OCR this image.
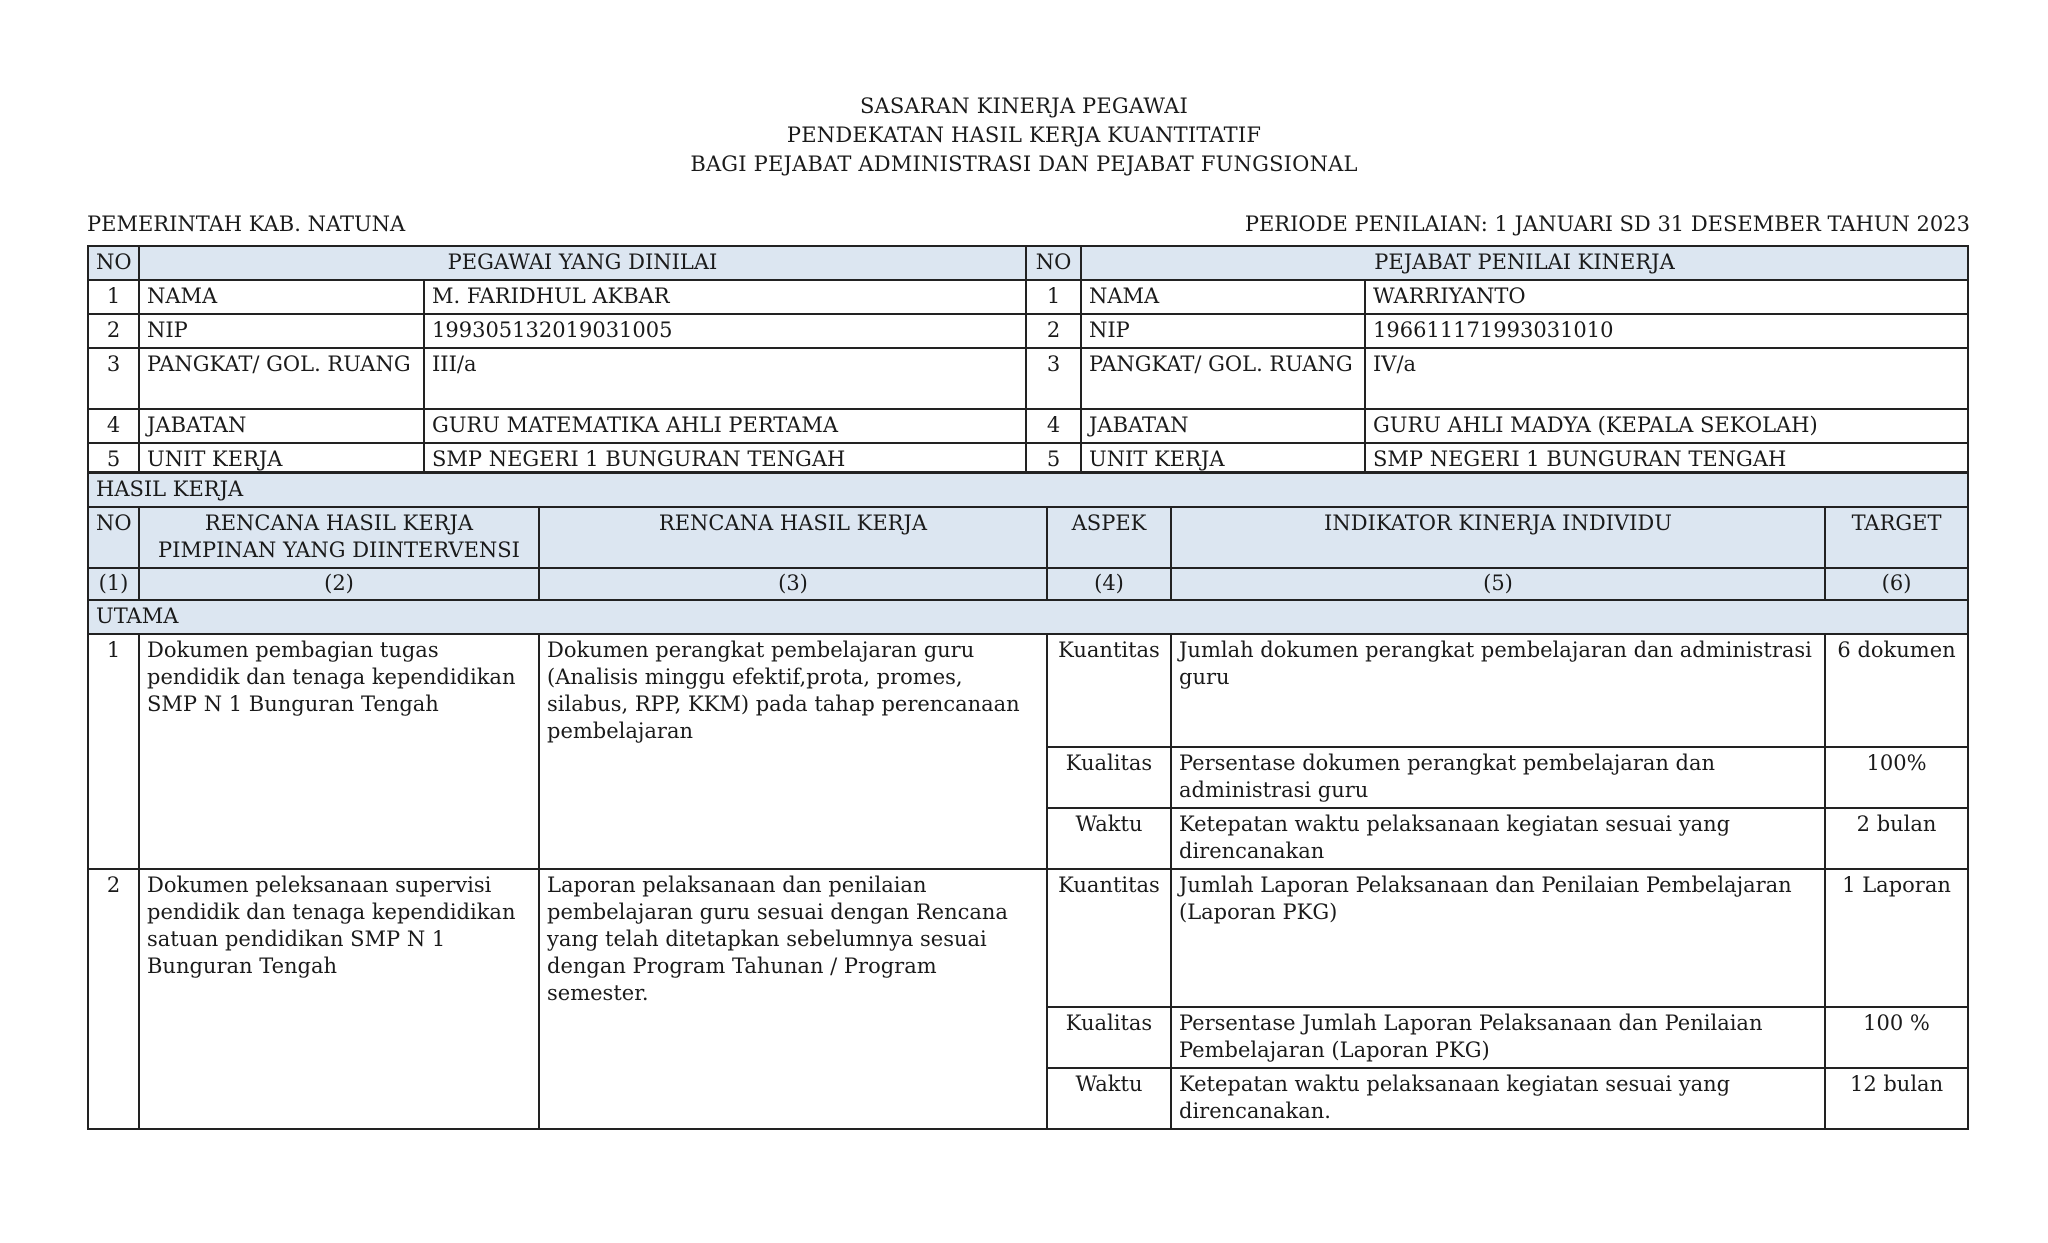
SASARAN KINERJA PEGAWAI
PENDEKATAN HASIL KERJA KUANTITATIF
BAGI PEJABAT ADMINISTRASI DAN PEJABAT FUNGSIONAL
PEMERINTAH KAB. NATUNA	PERIODE PENILAIAN: 1 JANUARI SD 31 DESEMBER TAHUN 2023
NO	PEGAWAI YANG DINILAI		NO	PEJABAT PENILAI KINERJA	
1	NAMA	M. FARIDHUL AKBAR	1	NAMA	WARRIYANTO
2	NIP	199305132019031005	2	NIP	196611171993031010
3	PANGKAT/ GOL. RUANG	III/a	3	PANGKAT/ GOL. RUANG	IV/a
4	JABATAN	GURU MATEMATIKA AHLI PERTAMA	4	JABATAN	GURU AHLI MADYA (KEPALA SEKOLAH)
5	UNIT KERJA	SMP NEGERI 1 BUNGURAN TENGAH	5	UNIT KERJA	SMP NEGERI 1 BUNGURAN TENGAH
HASIL KERJA					
NO	RENCANA HASIL KERJA PIMPINAN YANG DIINTERVENSI	RENCANA HASIL KERJA	ASPEK	INDIKATOR KINERJA INDIVIDU	TARGET
(1)	(2)	(3)	(4)	(5)	(6)
UTAMA					
1	Dokumen pembagian tugas pendidik dan tenaga kependidikan SMP N 1 Bunguran Tengah	Dokumen perangkat pembelajaran guru (Analisis minggu efektif,prota, promes, silabus, RPP, KKM) pada tahap perencanaan pembelajaran	Kuantitas	Jumlah dokumen perangkat pembelajaran dan administrasi guru	6 dokumen
			Kualitas	Persentase dokumen perangkat pembelajaran dan administrasi guru	100%
			Waktu	Ketepatan waktu pelaksanaan kegiatan sesuai yang direncanakan	2 bulan
2	Dokumen peleksanaan supervisi pendidik dan tenaga kependidikan satuan pendidikan SMP N 1 Bunguran Tengah	Laporan pelaksanaan dan penilaian pembelajaran guru sesuai dengan Rencana yang telah ditetapkan sebelumnya sesuai dengan Program Tahunan / Program semester.	Kuantitas	Jumlah Laporan Pelaksanaan dan Penilaian Pembelajaran (Laporan PKG)	1 Laporan
			Kualitas	Persentase Jumlah Laporan Pelaksanaan dan Penilaian Pembelajaran (Laporan PKG)	100 %
			Waktu	Ketepatan waktu pelaksanaan kegiatan sesuai yang direncanakan.	12 bulan
